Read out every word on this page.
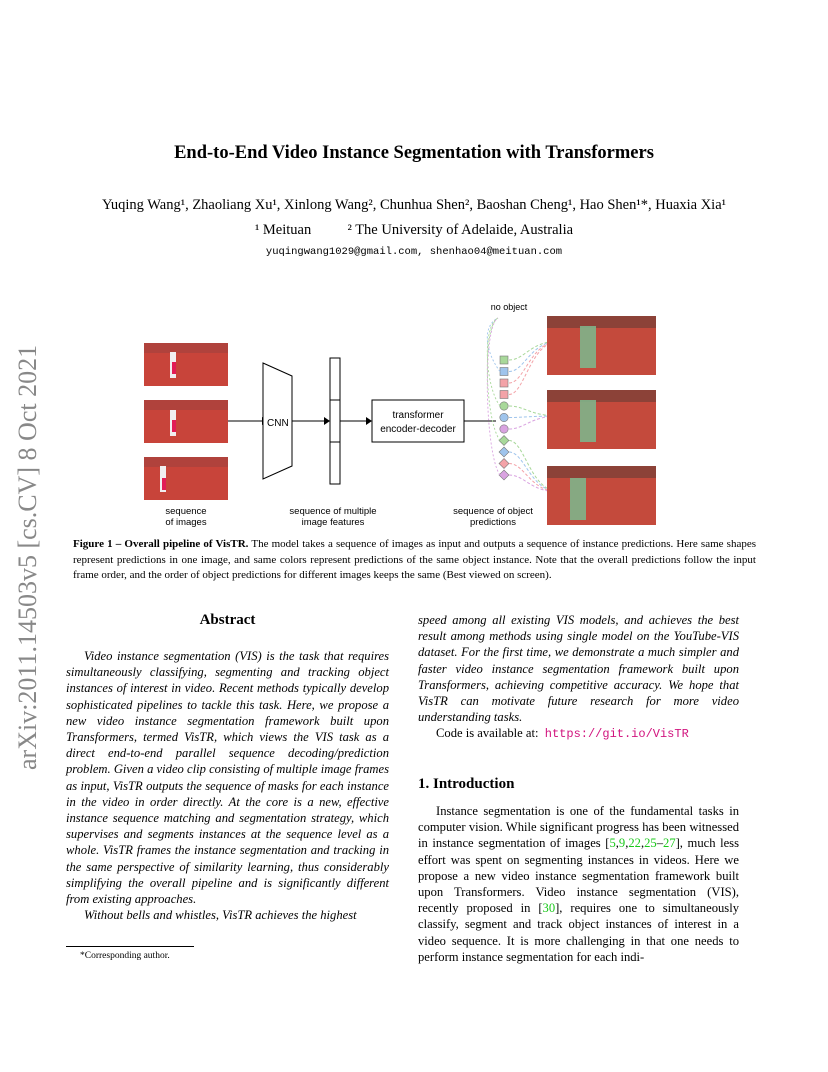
End-to-End Video Instance Segmentation with Transformers
Yuqing Wang¹, Zhaoliang Xu¹, Xinlong Wang², Chunhua Shen², Baoshan Cheng¹, Hao Shen¹*, Huaxia Xia¹
¹ Meituan          ² The University of Adelaide, Australia
yuqingwang1029@gmail.com, shenhao04@meituan.com
arXiv:2011.14503v5 [cs.CV] 8 Oct 2021	CNN
transformer
encoder-decoder
no object
sequence
of images
sequence of multiple
image features
sequence of object
predictions
Figure 1 – Overall pipeline of VisTR. The model takes a sequence of images as input and outputs a sequence of instance predictions. Here same shapes represent predictions in one image, and same colors represent predictions of the same object instance. Note that the overall predictions follow the input frame order, and the order of object predictions for different images keeps the same (Best viewed on screen).
Abstract

Video instance segmentation (VIS) is the task that requires simultaneously classifying, segmenting and tracking object instances of interest in video. Recent methods typically develop sophisticated pipelines to tackle this task. Here, we propose a new video instance segmentation framework built upon Transformers, termed VisTR, which views the VIS task as a direct end-to-end parallel sequence decoding/prediction problem. Given a video clip consisting of multiple image frames as input, VisTR outputs the sequence of masks for each instance in the video in order directly. At the core is a new, effective instance sequence matching and segmentation strategy, which supervises and segments instances at the sequence level as a whole. VisTR frames the instance segmentation and tracking in the same perspective of similarity learning, thus considerably simplifying the overall pipeline and is significantly different from existing approaches.

Without bells and whistles, VisTR achieves the highest

speed among all existing VIS models, and achieves the best result among methods using single model on the YouTube-VIS dataset. For the first time, we demonstrate a much simpler and faster video instance segmentation framework built upon Transformers, achieving competitive accuracy. We hope that VisTR can motivate future research for more video understanding tasks.

Code is available at: https://git.io/VisTR

1. Introduction

Instance segmentation is one of the fundamental tasks in computer vision. While significant progress has been witnessed in instance segmentation of images [5,9,22,25–27], much less effort was spent on segmenting instances in videos. Here we propose a new video instance segmentation framework built upon Transformers. Video instance segmentation (VIS), recently proposed in [30], requires one to simultaneously classify, segment and track object instances of interest in a video sequence. It is more challenging in that one needs to perform instance segmentation for each indi-

*Corresponding author.
